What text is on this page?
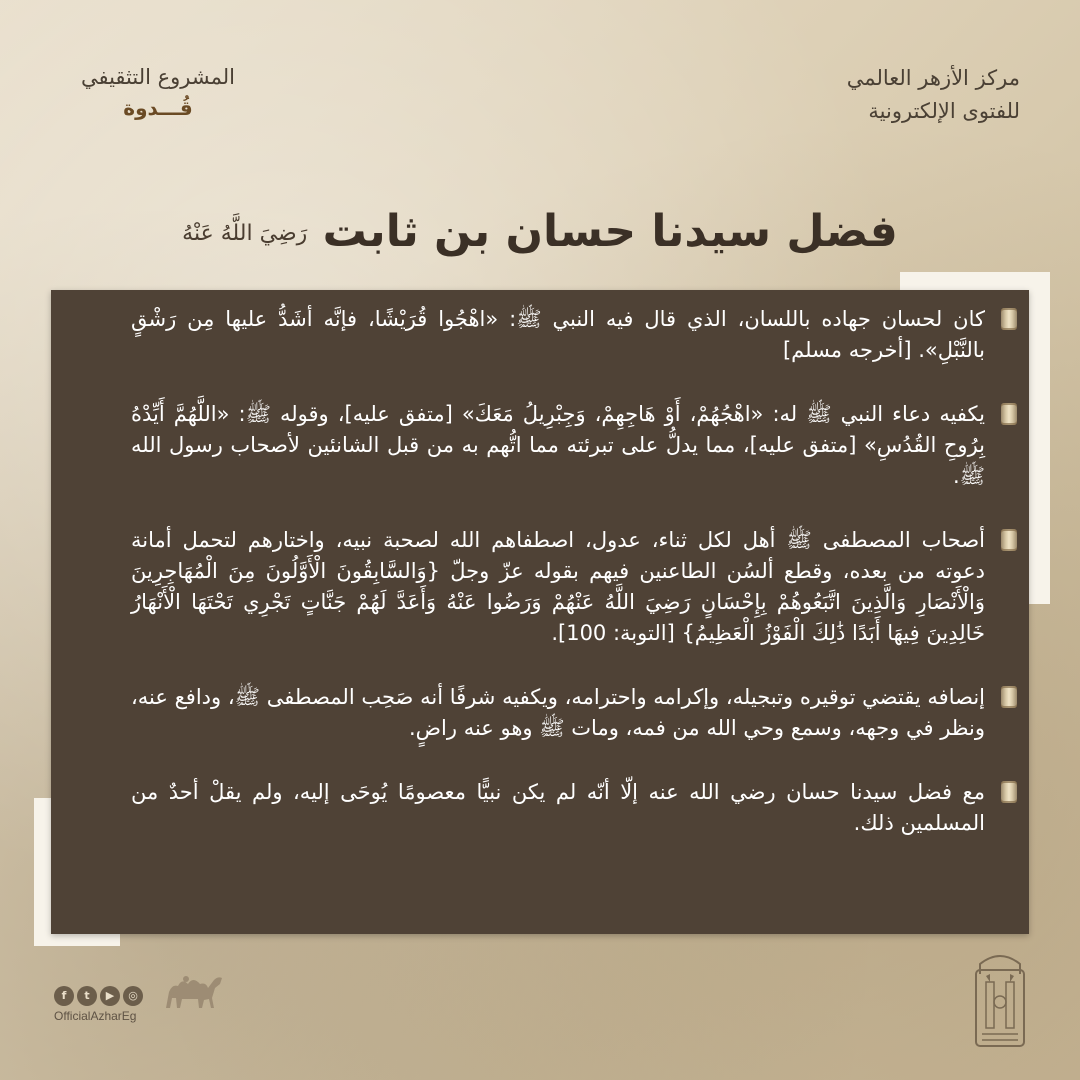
مركز الأزهر العالمي
للفتوى الإلكترونية
المشروع التثقيفي
قُـــدوة
فضل سيدنا حسان بن ثابت رَضِيَ اللَّهُ عَنْهُ
كان لحسان جهاده باللسان، الذي قال فيه النبي ﷺ: «اهْجُوا قُرَيْشًا، فإنَّه أشَدُّ عليها مِن رَشْقٍ بالنَّبْلِ». [أخرجه مسلم]
يكفيه دعاء النبي ﷺ له: «اهْجُهُمْ، أَوْ هَاجِهِمْ، وَجِبْرِيلُ مَعَكَ» [متفق عليه]، وقوله ﷺ: «اللَّهُمَّ أَيِّدْهُ بِرُوحِ القُدُسِ» [متفق عليه]، مما يدلُّ على تبرئته مما اتُّهم به من قبل الشانئين لأصحاب رسول الله ﷺ.
أصحاب المصطفى ﷺ أهل لكل ثناء، عدول، اصطفاهم الله لصحبة نبيه، واختارهم لتحمل أمانة دعوته من بعده، وقطع ألسُن الطاعنين فيهم بقوله عزّ وجلّ {وَالسَّابِقُونَ الْأَوَّلُونَ مِنَ الْمُهَاجِرِينَ وَالْأَنْصَارِ وَالَّذِينَ اتَّبَعُوهُمْ بِإِحْسَانٍ رَضِيَ اللَّهُ عَنْهُمْ وَرَضُوا عَنْهُ وَأَعَدَّ لَهُمْ جَنَّاتٍ تَجْرِي تَحْتَهَا الْأَنْهَارُ خَالِدِينَ فِيهَا أَبَدًا ذَٰلِكَ الْفَوْزُ الْعَظِيمُ} [التوبة: 100].
إنصافه يقتضي توقيره وتبجيله، وإكرامه واحترامه، ويكفيه شرفًا أنه صَحِب المصطفى ﷺ، ودافع عنه، ونظر في وجهه، وسمع وحي الله من فمه، ومات ﷺ وهو عنه راضٍ.
مع فضل سيدنا حسان رضي الله عنه إلّا أنّه لم يكن نبيًّا معصومًا يُوحَى إليه، ولم يقلْ أحدٌ من المسلمين ذلك.
f	t	▶	◎
OfficialAzharEg
